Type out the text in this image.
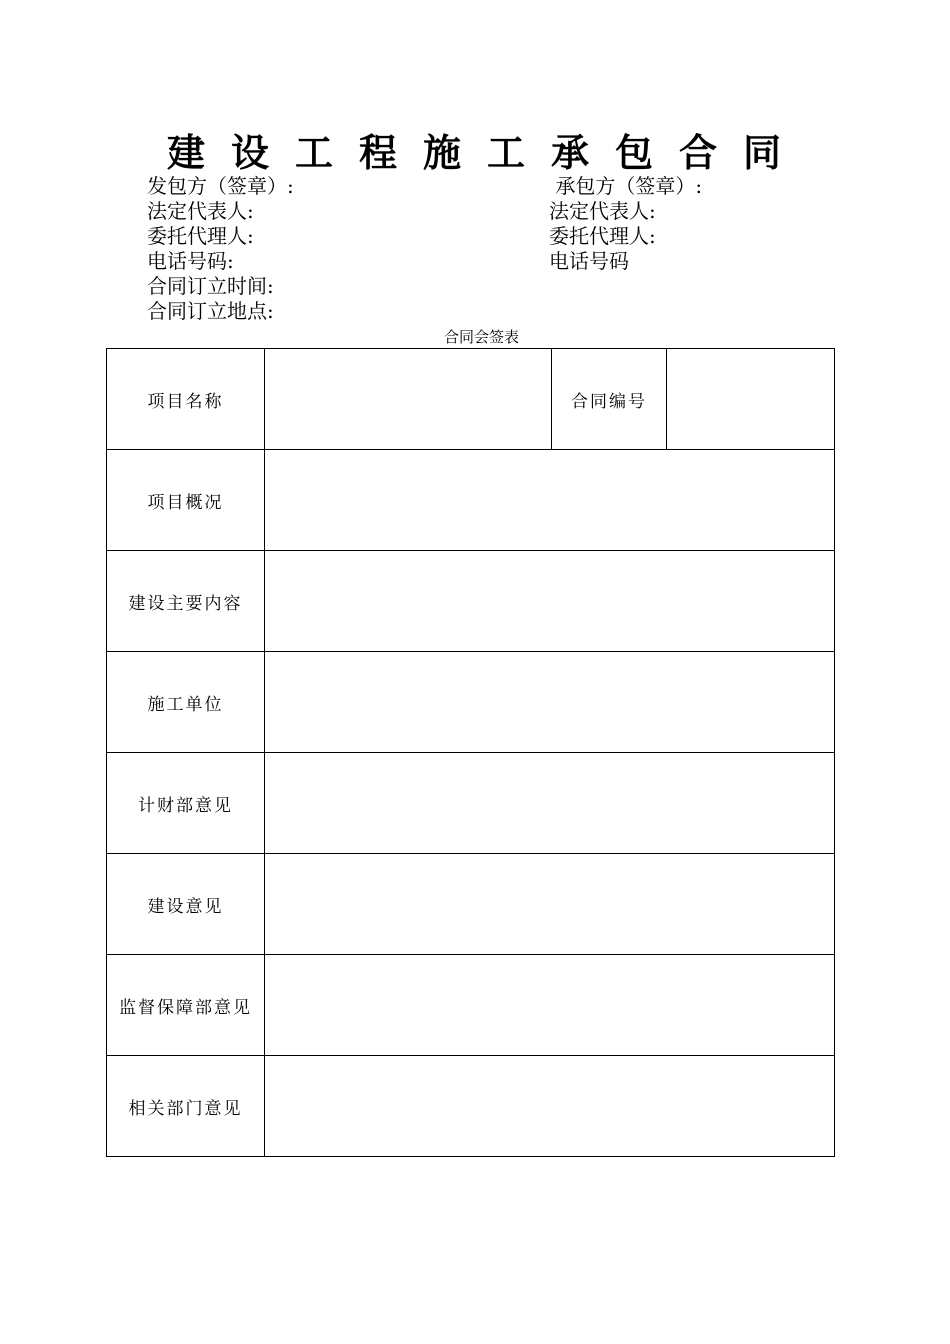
建设工程施工承包合同
发包方（签章）:
法定代表人:
委托代理人:
电话号码:
合同订立时间:
合同订立地点:
承包方（签章）:
法定代表人:
委托代理人:
电话号码
合同会签表
项目名称		合同编号	
项目概况			
建设主要内容			
施工单位			
计财部意见			
建设意见			
监督保障部意见			
相关部门意见			
